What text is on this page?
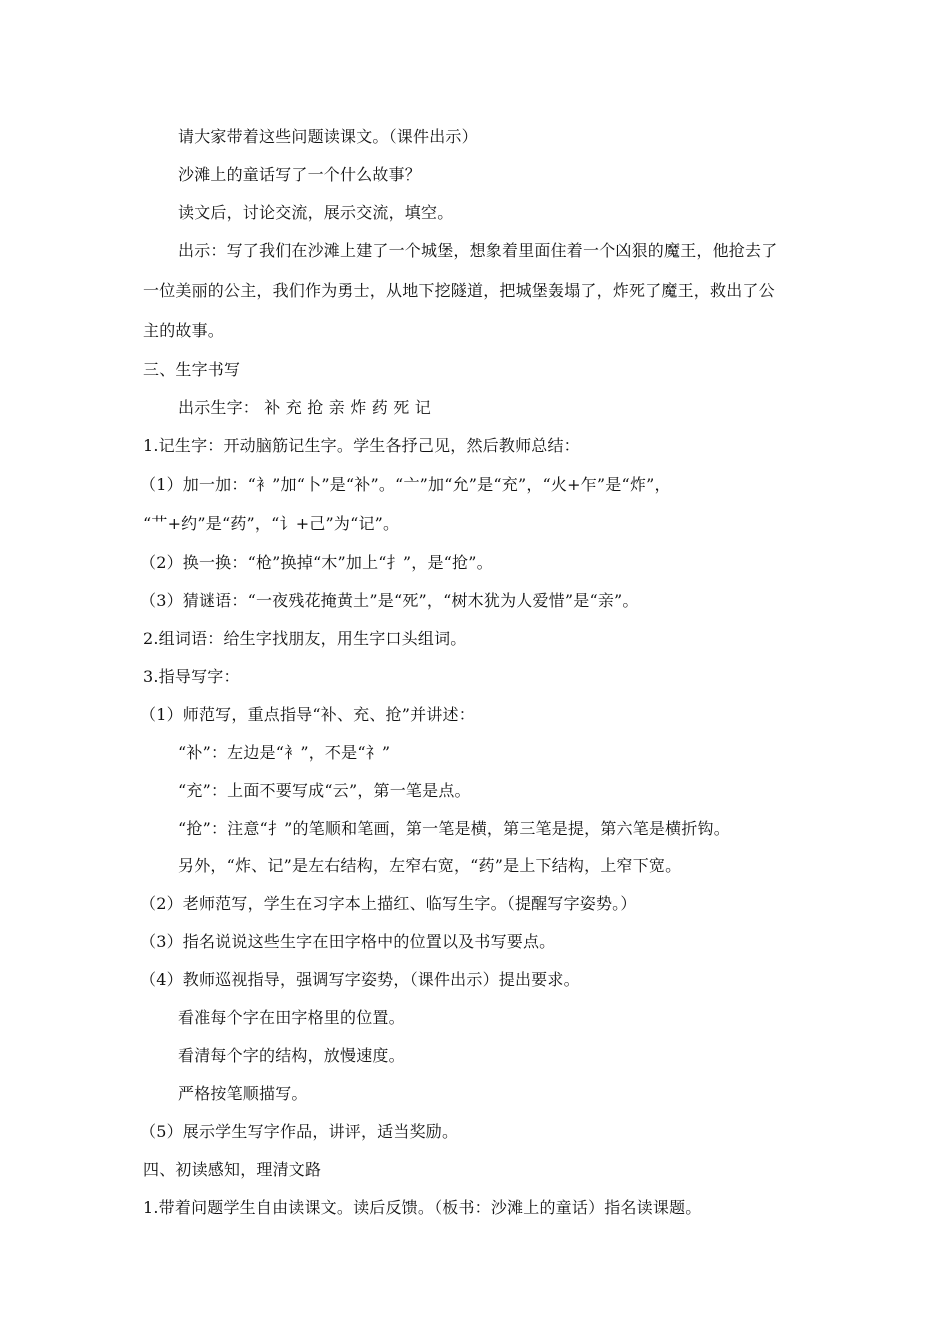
请大家带着这些问题读课文。（课件出示）

沙滩上的童话写了一个什么故事？

读文后，讨论交流，展示交流，填空。

出示：写了我们在沙滩上建了一个城堡，想象着里面住着一个凶狠的魔王，他抢去了

一位美丽的公主，我们作为勇士，从地下挖隧道，把城堡轰塌了，炸死了魔王，救出了公

主的故事。

三、生字书写

出示生字： 补 充 抢 亲 炸 药 死 记

1.记生字：开动脑筋记生字。学生各抒己见，然后教师总结：

（1）加一加：“衤”加“卜”是“补”。“亠”加“允”是“充”，“火+乍”是“炸”，

“艹+约”是“药”，“讠+己”为“记”。

（2）换一换：“枪”换掉“木”加上“扌”，是“抢”。

（3）猜谜语：“一夜残花掩黄土”是“死”，“树木犹为人爱惜”是“亲”。

2.组词语：给生字找朋友，用生字口头组词。

3.指导写字：

（1）师范写，重点指导“补、充、抢”并讲述：

“补”：左边是“衤”，不是“礻”

“充”：上面不要写成“云”，第一笔是点。

“抢”：注意“扌”的笔顺和笔画，第一笔是横，第三笔是提，第六笔是横折钩。

另外，“炸、记”是左右结构，左窄右宽，“药”是上下结构，上窄下宽。

（2）老师范写，学生在习字本上描红、临写生字。（提醒写字姿势。）

（3）指名说说这些生字在田字格中的位置以及书写要点。

（4）教师巡视指导，强调写字姿势，（课件出示）提出要求。

看准每个字在田字格里的位置。

看清每个字的结构，放慢速度。

严格按笔顺描写。

（5）展示学生写字作品，讲评，适当奖励。

四、初读感知，理清文路

1.带着问题学生自由读课文。读后反馈。（板书：沙滩上的童话）指名读课题。
